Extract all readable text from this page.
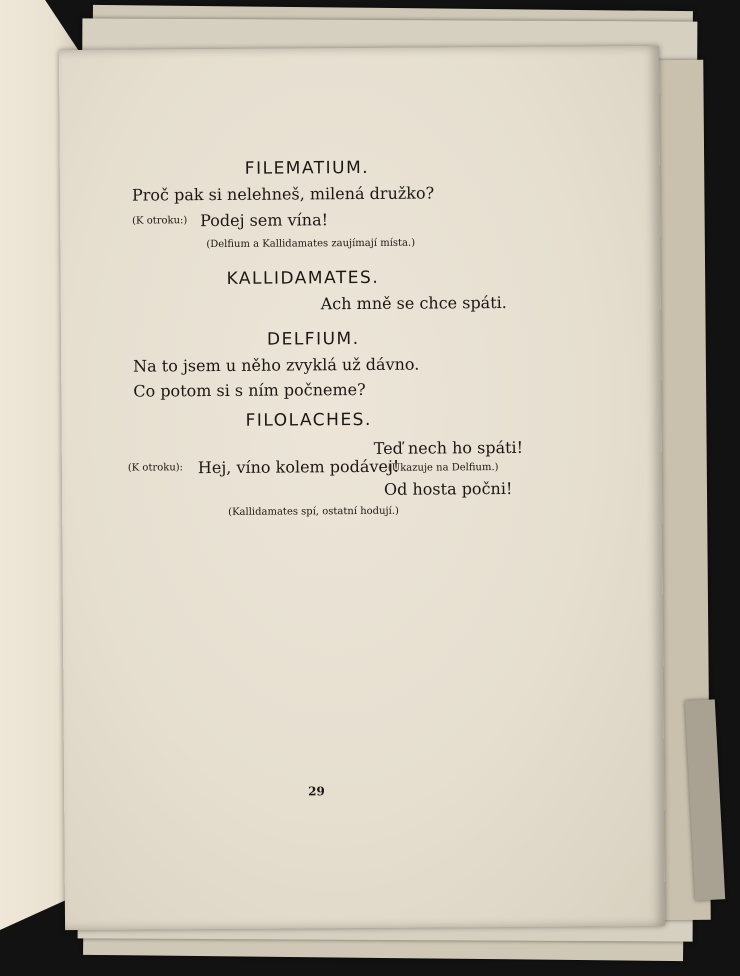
FILEMATIUM.
Proč pak si nelehneš, milená družko?
(K otroku:) Podej sem vína!
(Delfium a Kallidamates zaujímají místa.)
KALLIDAMATES.
Ach mně se chce spáti.
DELFIUM.
Na to jsem u něho zvyklá už dávno.
Co potom si s ním počneme?
FILOLACHES.
Teď nech ho spáti!
(K otroku): Hej, víno kolem podávej!
(Ukazuje na Delfium.)
Od hosta počni!
(Kallidamates spí, ostatní hodují.)
29
